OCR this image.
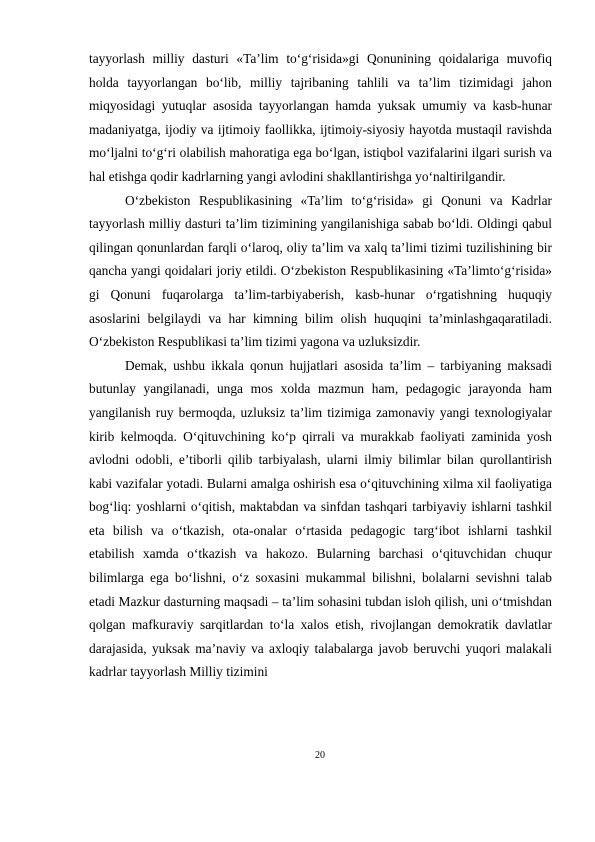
tayyorlash milliy dasturi «Ta’lim to‘g‘risida»gi Qonunining qoidalariga muvofiq holda tayyorlangan bo‘lib, milliy tajribaning tahlili va ta’lim tizimidagi jahon miqyosidagi yutuqlar asosida tayyorlangan hamda yuksak umumiy va kasb-hunar madaniyatga, ijodiy va ijtimoiy faollikka, ijtimoiy-siyosiy hayotda mustaqil ravishda mo‘ljalni to‘g‘ri olabilish mahoratiga ega bo‘lgan, istiqbol vazifalarini ilgari surish va hal etishga qodir kadrlarning yangi avlodini shakllantirishga yo‘naltirilgandir.

O‘zbekiston Respublikasining «Ta’lim to‘g‘risida» gi Qonuni va Kadrlar tayyorlash milliy dasturi ta’lim tizimining yangilanishiga sabab bo‘ldi. Oldingi qabul qilingan qonunlardan farqli o‘laroq, oliy ta’lim va xalq ta’limi tizimi tuzilishining bir qancha yangi qoidalari joriy etildi. O‘zbekiston Respublikasining «Ta’limto‘g‘risida» gi Qonuni fuqarolarga ta’lim-tarbiyaberish, kasb-hunar o‘rgatishning huquqiy asoslarini belgilaydi va har kimning bilim olish huquqini ta’minlashgaqaratiladi. O‘zbekiston Respublikasi ta’lim tizimi yagona va uzluksizdir.

Demak, ushbu ikkala qonun hujjatlari asosida ta’lim – tarbiyaning maksadi butunlay yangilanadi, unga mos xolda mazmun ham, pedagogic jarayonda ham yangilanish ruy bermoqda, uzluksiz ta’lim tizimiga zamonaviy yangi texnologiyalar kirib kelmoqda. O‘qituvchining ko‘p qirrali va murakkab faoliyati zaminida yosh avlodni odobli, e’tiborli qilib tarbiyalash, ularni ilmiy bilimlar bilan qurollantirish kabi vazifalar yotadi. Bularni amalga oshirish esa o‘qituvchining xilma xil faoliyatiga bog‘liq: yoshlarni o‘qitish, maktabdan va sinfdan tashqari tarbiyaviy ishlarni tashkil eta bilish va o‘tkazish, ota-onalar o‘rtasida pedagogic targ‘ibot ishlarni tashkil etabilish xamda o‘tkazish va hakozo. Bularning barchasi o‘qituvchidan chuqur bilimlarga ega bo‘lishni, o‘z soxasini mukammal bilishni, bolalarni sevishni talab etadi Mazkur dasturning maqsadi – ta’lim sohasini tubdan isloh qilish, uni o‘tmishdan qolgan mafkuraviy sarqitlardan to‘la xalos etish, rivojlangan demokratik davlatlar darajasida, yuksak ma’naviy va axloqiy talabalarga javob beruvchi yuqori malakali kadrlar tayyorlash Milliy tizimini

20
